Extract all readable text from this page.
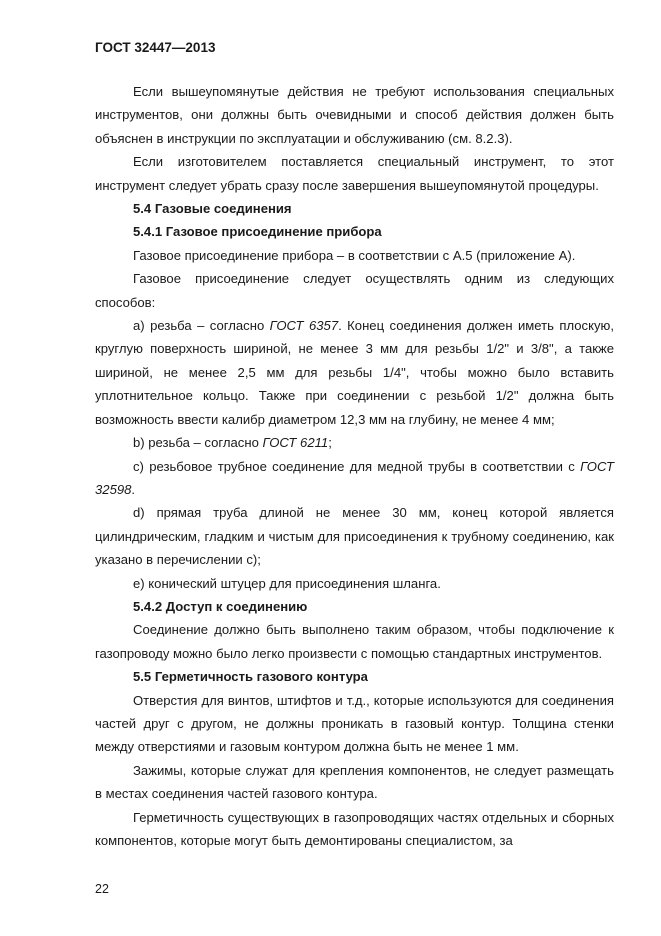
ГОСТ 32447—2013

Если вышеупомянутые действия не требуют использования специальных инструментов, они должны быть очевидными и способ действия должен быть объяснен в инструкции по эксплуатации и обслуживанию (см. 8.2.3).

Если изготовителем поставляется специальный инструмент, то этот инструмент следует убрать сразу после завершения вышеупомянутой процедуры.

5.4 Газовые соединения

5.4.1 Газовое присоединение прибора

Газовое присоединение прибора – в соответствии с А.5 (приложение А).

Газовое присоединение следует осуществлять одним из следующих способов:

а) резьба – согласно ГОСТ 6357. Конец соединения должен иметь плоскую, круглую поверхность шириной, не менее 3 мм для резьбы 1/2" и 3/8", а также шириной, не менее 2,5 мм для резьбы 1/4", чтобы можно было вставить уплотнительное кольцо. Также при соединении с резьбой 1/2" должна быть возможность ввести калибр диаметром 12,3 мм на глубину, не менее 4 мм;

b) резьба – согласно ГОСТ 6211;

c) резьбовое трубное соединение для медной трубы в соответствии с ГОСТ 32598.

d) прямая труба длиной не менее 30 мм, конец которой является цилиндрическим, гладким и чистым для присоединения к трубному соединению, как указано в перечислении с);

е) конический штуцер для присоединения шланга.

5.4.2 Доступ к соединению

Соединение должно быть выполнено таким образом, чтобы подключение к газопроводу можно было легко произвести с помощью стандартных инструментов.

5.5 Герметичность газового контура

Отверстия для винтов, штифтов и т.д., которые используются для соединения частей друг с другом, не должны проникать в газовый контур. Толщина стенки между отверстиями и газовым контуром должна быть не менее 1 мм.

Зажимы, которые служат для крепления компонентов, не следует размещать в местах соединения частей газового контура.

Герметичность существующих в газопроводящих частях отдельных и сборных компонентов, которые могут быть демонтированы специалистом, за

22
